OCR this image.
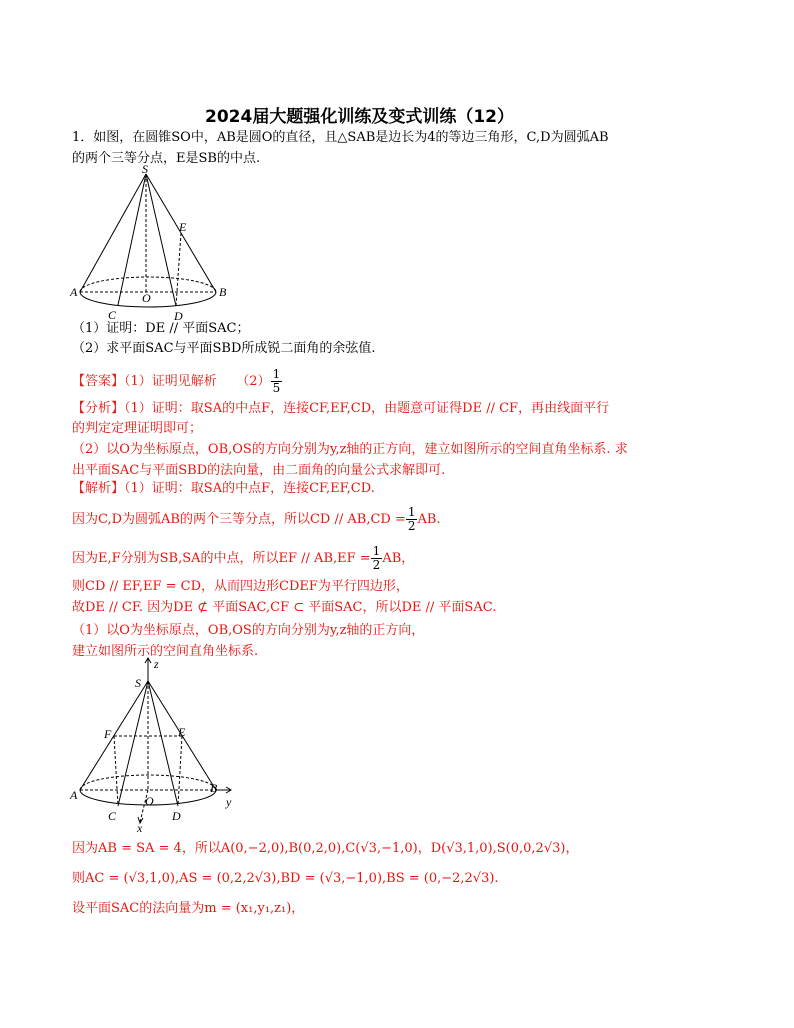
2024届大题强化训练及变式训练（12）
1．如图，在圆锥SO中，AB是圆O的直径，且△SAB是边长为4的等边三角形，C,D为圆弧AB
的两个三等分点，E是SB的中点.
S
E
A	B
O
C	D
（1）证明：DE // 平面SAC；
（2）求平面SAC与平面SBD所成锐二面角的余弦值.
【答案】（1）证明见解析　　$(2) \frac{1}{5}$
【分析】（1）证明：取SA的中点F，连接CF,EF,CD，由题意可证得DE // CF，再由线面平行
的判定定理证明即可；
（2）以O为坐标原点，OB,OS的方向分别为y,z轴的正方向，建立如图所示的空间直角坐标系. 求
出平面SAC与平面SBD的法向量，由二面角的向量公式求解即可.
【解析】（1）证明：取SA的中点F，连接CF,EF,CD.
因为C,D为圆弧AB的两个三等分点，所以CD // $AB,CD = \frac{1}{2}$ AB.
因为E,F分别为SB,SA的中点，所以EF // $AB,EF = \frac{1}{2}$ AB，
则CD // EF,EF = CD，从而四边形CDEF为平行四边形，
故DE // CF. 因为DE ⊄ 平面SAC,CF ⊂ 平面SAC，所以DE // 平面SAC.
（1）以O为坐标原点，OB,OS的方向分别为y,z轴的正方向，
建立如图所示的空间直角坐标系.
z
S
F	E
A	B
y
O
C	D
x
因为AB = SA = 4，所以A(0,−2,0),B(0,2,0),C(√3,−1,0)，D(√3,1,0),S(0,0,2√3)，
则AC = (√3,1,0),AS = (0,2,2√3),BD = (√3,−1,0),BS = (0,−2,2√3).
设平面SAC的法向量为m = (x₁,y₁,z₁)，
